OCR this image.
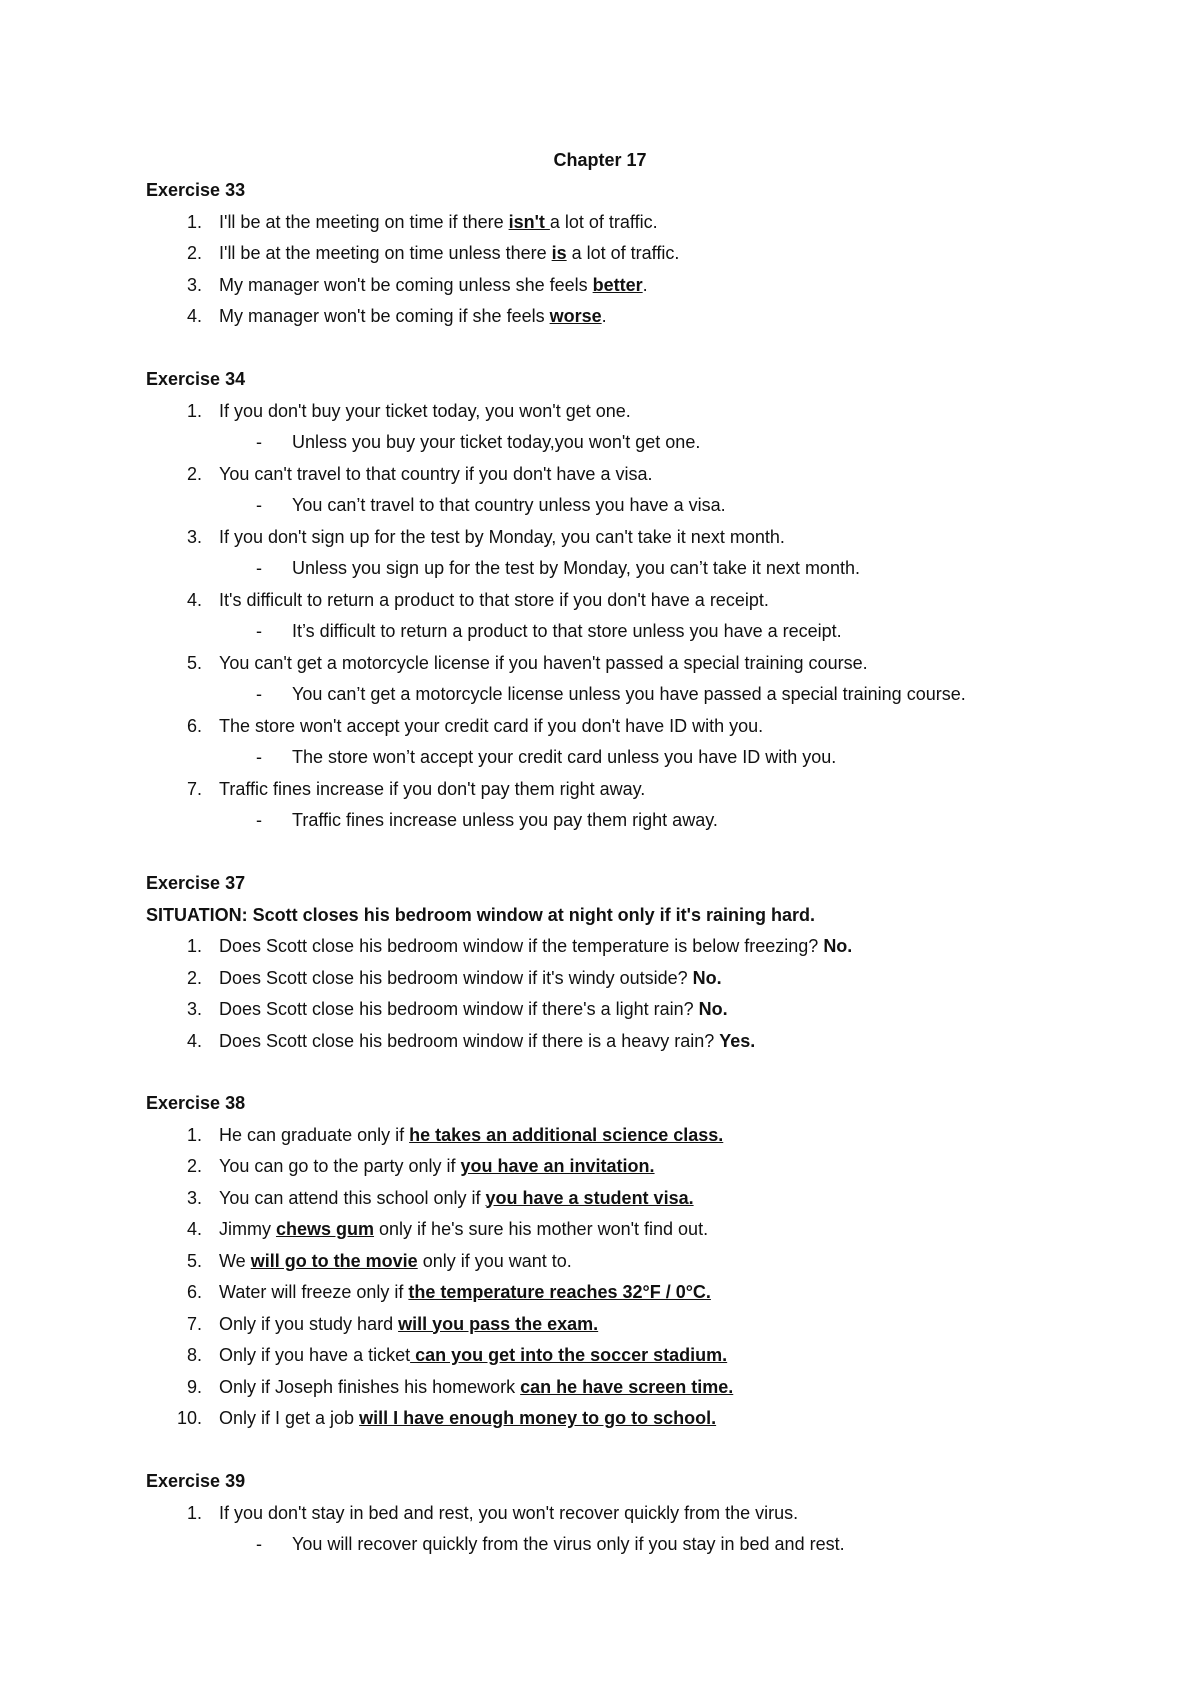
Chapter 17
Exercise 33
1. I'll be at the meeting on time if there isn't a lot of traffic.
2. I'll be at the meeting on time unless there is a lot of traffic.
3. My manager won't be coming unless she feels better.
4. My manager won't be coming if she feels worse.
Exercise 34
1. If you don't buy your ticket today, you won't get one.
- Unless you buy your ticket today,you won't get one.
2. You can't travel to that country if you don't have a visa.
- You can’t travel to that country unless you have a visa.
3. If you don't sign up for the test by Monday, you can't take it next month.
- Unless you sign up for the test by Monday, you can’t take it next month.
4. It's difficult to return a product to that store if you don't have a receipt.
- It’s difficult to return a product to that store unless you have a receipt.
5. You can't get a motorcycle license if you haven't passed a special training course.
- You can’t get a motorcycle license unless you have passed a special training course.
6. The store won't accept your credit card if you don't have ID with you.
- The store won’t accept your credit card unless you have ID with you.
7. Traffic fines increase if you don't pay them right away.
- Traffic fines increase unless you pay them right away.
Exercise 37
SITUATION: Scott closes his bedroom window at night only if it's raining hard.
1. Does Scott close his bedroom window if the temperature is below freezing? No.
2. Does Scott close his bedroom window if it's windy outside? No.
3. Does Scott close his bedroom window if there's a light rain? No.
4. Does Scott close his bedroom window if there is a heavy rain? Yes.
Exercise 38
1. He can graduate only if he takes an additional science class.
2. You can go to the party only if you have an invitation.
3. You can attend this school only if you have a student visa.
4. Jimmy chews gum only if he's sure his mother won't find out.
5. We will go to the movie only if you want to.
6. Water will freeze only if the temperature reaches 32°F / 0°C.
7. Only if you study hard will you pass the exam.
8. Only if you have a ticket can you get into the soccer stadium.
9. Only if Joseph finishes his homework can he have screen time.
10. Only if I get a job will I have enough money to go to school.
Exercise 39
1. If you don't stay in bed and rest, you won't recover quickly from the virus.
- You will recover quickly from the virus only if you stay in bed and rest.
